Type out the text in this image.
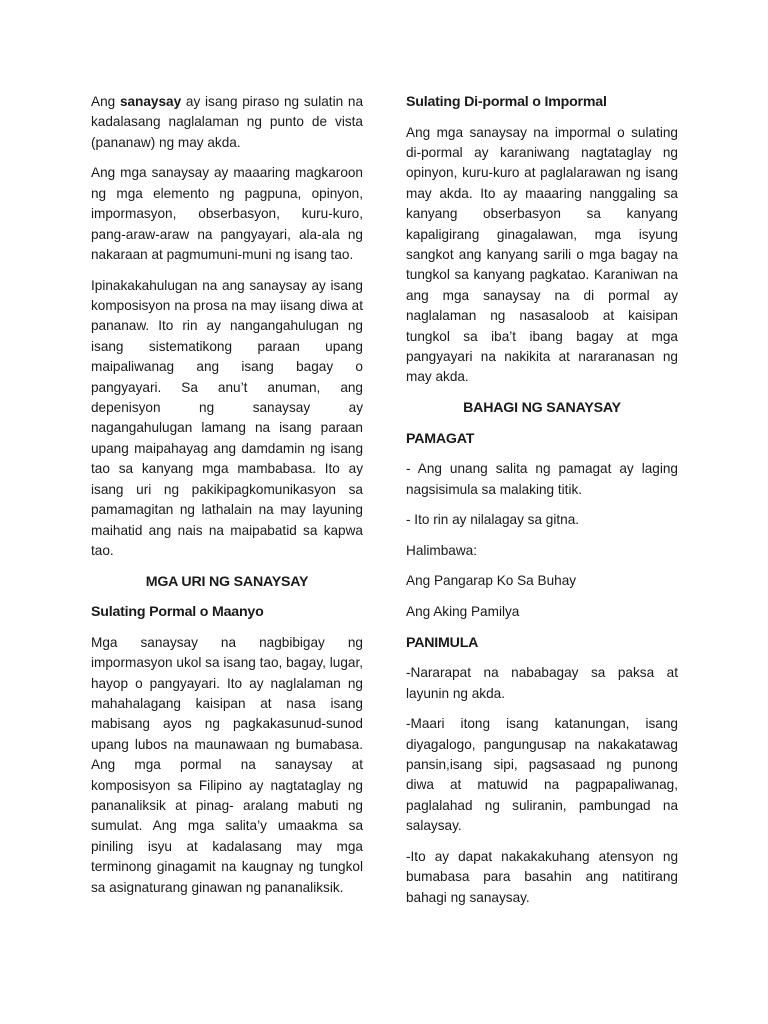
Ang sanaysay ay isang piraso ng sulatin na kadalasang naglalaman ng punto de vista (pananaw) ng may akda.

Ang mga sanaysay ay maaaring magkaroon ng mga elemento ng pagpuna, opinyon, impormasyon, obserbasyon, kuru-kuro, pang-araw-araw na pangyayari, ala-ala ng nakaraan at pagmumuni-muni ng isang tao.

Ipinakakahulugan na ang sanaysay ay isang komposisyon na prosa na may iisang diwa at pananaw. Ito rin ay nangangahulugan ng isang sistematikong paraan upang maipaliwanag ang isang bagay o pangyayari. Sa anu’t anuman, ang depenisyon ng sanaysay ay nagangahulugan lamang na isang paraan upang maipahayag ang damdamin ng isang tao sa kanyang mga mambabasa. Ito ay isang uri ng pakikipagkomunikasyon sa pamamagitan ng lathalain na may layuning maihatid ang nais na maipabatid sa kapwa tao.

MGA URI NG SANAYSAY
Sulating Pormal o Maanyo

Mga sanaysay na nagbibigay ng impormasyon ukol sa isang tao, bagay, lugar, hayop o pangyayari. Ito ay naglalaman ng mahahalagang kaisipan at nasa isang mabisang ayos ng pagkakasunud-sunod upang lubos na maunawaan ng bumabasa. Ang mga pormal na sanaysay at komposisyon sa Filipino ay nagtataglay ng pananaliksik at pinag- aralang mabuti ng sumulat. Ang mga salita’y umaakma sa piniling isyu at kadalasang may mga terminong ginagamit na kaugnay ng tungkol sa asignaturang ginawan ng pananaliksik.

Sulating Di-pormal o Impormal

Ang mga sanaysay na impormal o sulating di-pormal ay karaniwang nagtataglay ng opinyon, kuru-kuro at paglalarawan ng isang may akda. Ito ay maaaring nanggaling sa kanyang obserbasyon sa kanyang kapaligirang ginagalawan, mga isyung sangkot ang kanyang sarili o mga bagay na tungkol sa kanyang pagkatao. Karaniwan na ang mga sanaysay na di pormal ay naglalaman ng nasasaloob at kaisipan tungkol sa iba’t ibang bagay at mga pangyayari na nakikita at nararanasan ng may akda.

BAHAGI NG SANAYSAY
PAMAGAT

- Ang unang salita ng pamagat ay laging nagsisimula sa malaking titik.

- Ito rin ay nilalagay sa gitna.

Halimbawa:

Ang Pangarap Ko Sa Buhay

Ang Aking Pamilya

PANIMULA

-Nararapat na nababagay sa paksa at layunin ng akda.

-Maari itong isang katanungan, isang diyagalogo, pangungusap na nakakatawag pansin,isang sipi, pagsasaad ng punong diwa at matuwid na pagpapaliwanag, paglalahad ng suliranin, pambungad na salaysay.

-Ito ay dapat nakakakuhang atensyon ng bumabasa para basahin ang natitirang bahagi ng sanaysay.
